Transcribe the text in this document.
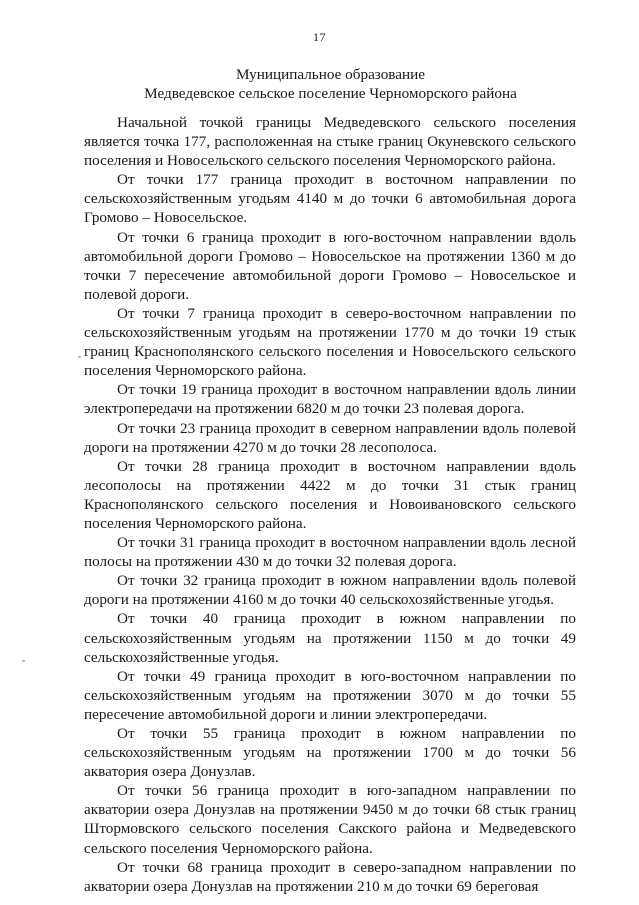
17
Муниципальное образование
Медведевское сельское поселение Черноморского района

Начальной точкой границы Медведевского сельского поселения является точка 177, расположенная на стыке границ Окуневского сельского поселения и Новосельского сельского поселения Черноморского района.

От точки 177 граница проходит в восточном направлении по сельскохозяйственным угодьям 4140 м до точки 6 автомобильная дорога Громово – Новосельское.

От точки 6 граница проходит в юго-восточном направлении вдоль автомобильной дороги Громово – Новосельское на протяжении 1360 м до точки 7 пересечение автомобильной дороги Громово – Новосельское и полевой дороги.

От точки 7 граница проходит в северо-восточном направлении по сельскохозяйственным угодьям на протяжении 1770 м до точки 19 стык границ Краснополянского сельского поселения и Новосельского сельского поселения Черноморского района.

От точки 19 граница проходит в восточном направлении вдоль линии электропередачи на протяжении 6820 м до точки 23 полевая дорога.

От точки 23 граница проходит в северном направлении вдоль полевой дороги на протяжении 4270 м до точки 28 лесополоса.

От точки 28 граница проходит в восточном направлении вдоль лесополосы на протяжении 4422 м до точки 31 стык границ Краснополянского сельского поселения и Новоивановского сельского поселения Черноморского района.

От точки 31 граница проходит в восточном направлении вдоль лесной полосы на протяжении 430 м до точки 32 полевая дорога.

От точки 32 граница проходит в южном направлении вдоль полевой дороги на протяжении 4160 м до точки 40 сельскохозяйственные угодья.

От точки 40 граница проходит в южном направлении по сельскохозяйственным угодьям на протяжении 1150 м до точки 49 сельскохозяйственные угодья.

От точки 49 граница проходит в юго-восточном направлении по сельскохозяйственным угодьям на протяжении 3070 м до точки 55 пересечение автомобильной дороги и линии электропередачи.

От точки 55 граница проходит в южном направлении по сельскохозяйственным угодьям на протяжении 1700 м до точки 56 акватория озера Донузлав.

От точки 56 граница проходит в юго-западном направлении по акватории озера Донузлав на протяжении 9450 м до точки 68 стык границ Штормовского сельского поселения Сакского района и Медведевского сельского поселения Черноморского района.

От точки 68 граница проходит в северо-западном направлении по акватории озера Донузлав на протяжении 210 м до точки 69 береговая
